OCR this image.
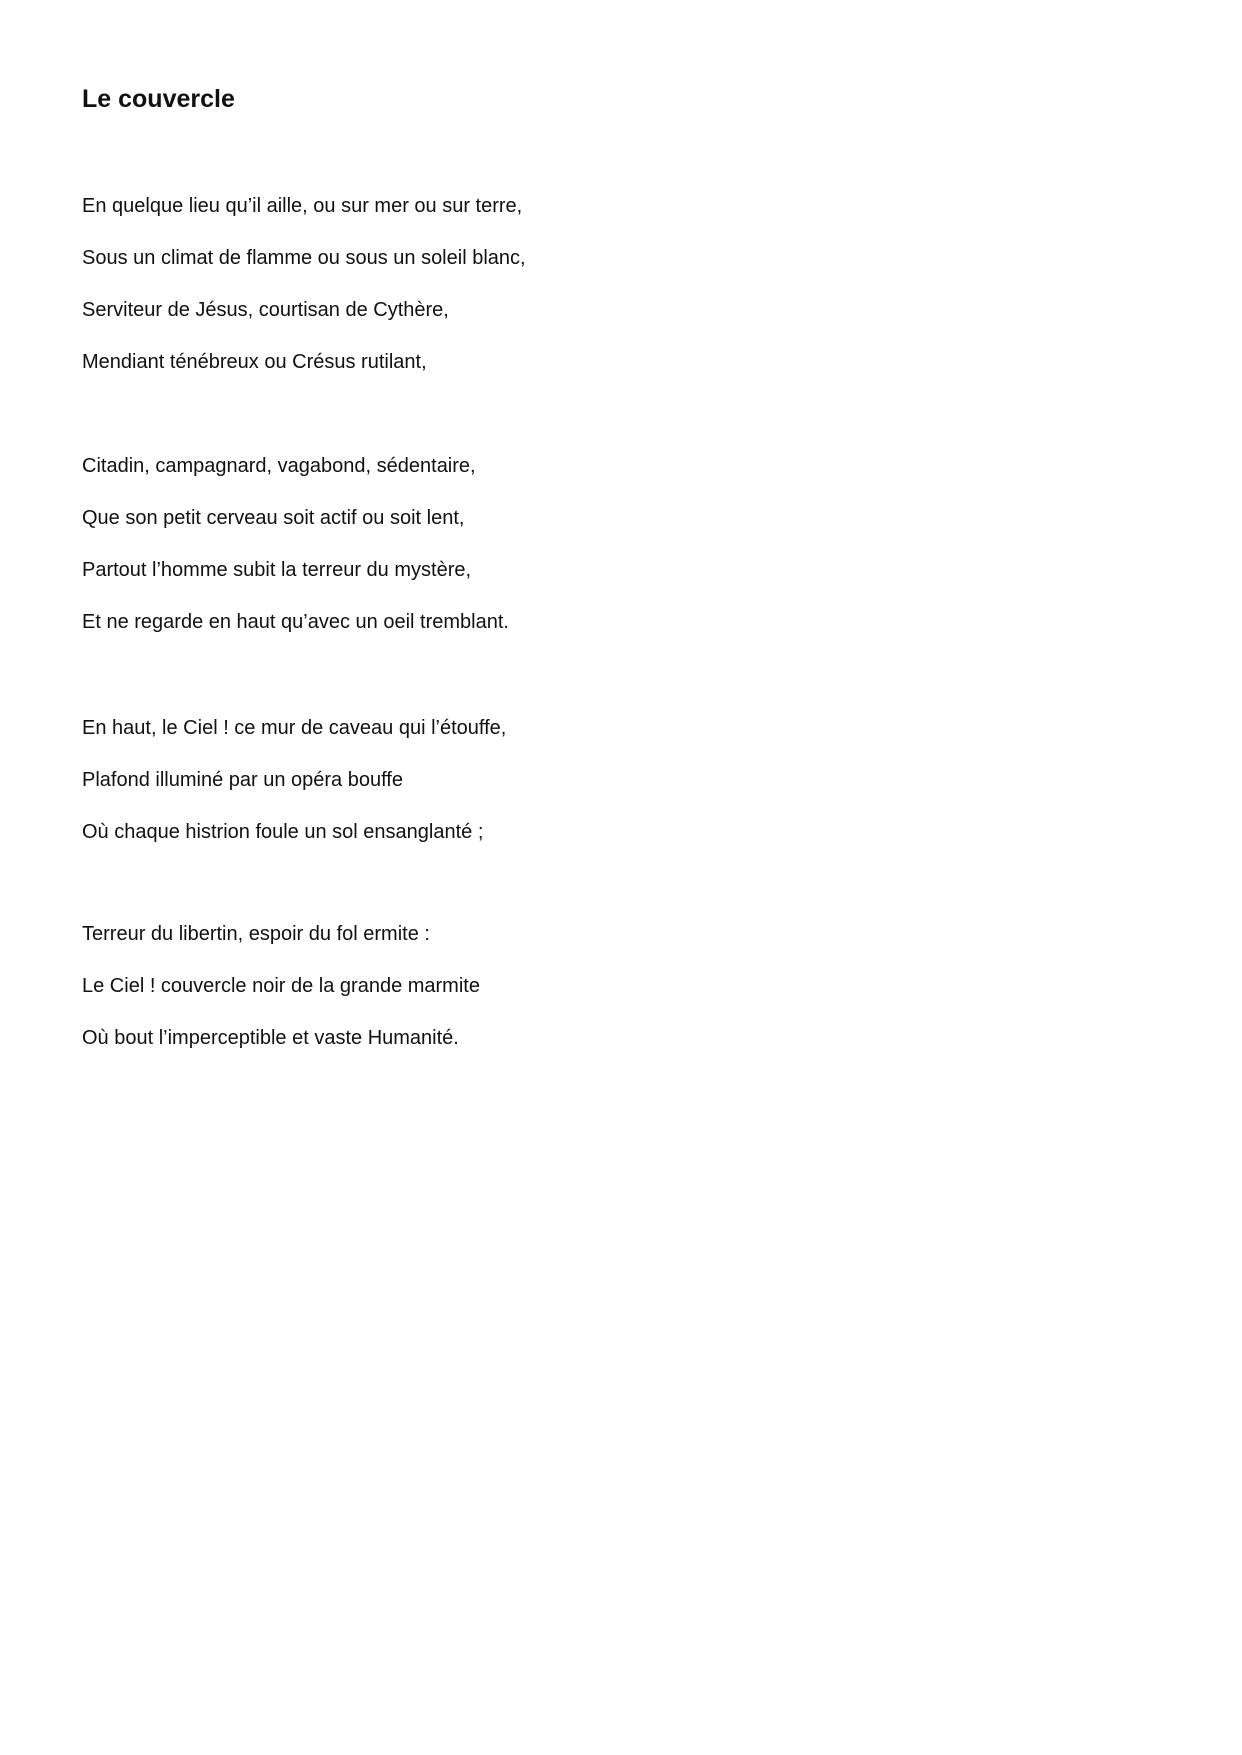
Le couvercle

En quelque lieu qu’il aille, ou sur mer ou sur terre,

Sous un climat de flamme ou sous un soleil blanc,

Serviteur de Jésus, courtisan de Cythère,

Mendiant ténébreux ou Crésus rutilant,

Citadin, campagnard, vagabond, sédentaire,

Que son petit cerveau soit actif ou soit lent,

Partout l’homme subit la terreur du mystère,

Et ne regarde en haut qu’avec un oeil tremblant.

En haut, le Ciel ! ce mur de caveau qui l’étouffe,

Plafond illuminé par un opéra bouffe

Où chaque histrion foule un sol ensanglanté ;

Terreur du libertin, espoir du fol ermite :

Le Ciel ! couvercle noir de la grande marmite

Où bout l’imperceptible et vaste Humanité.
